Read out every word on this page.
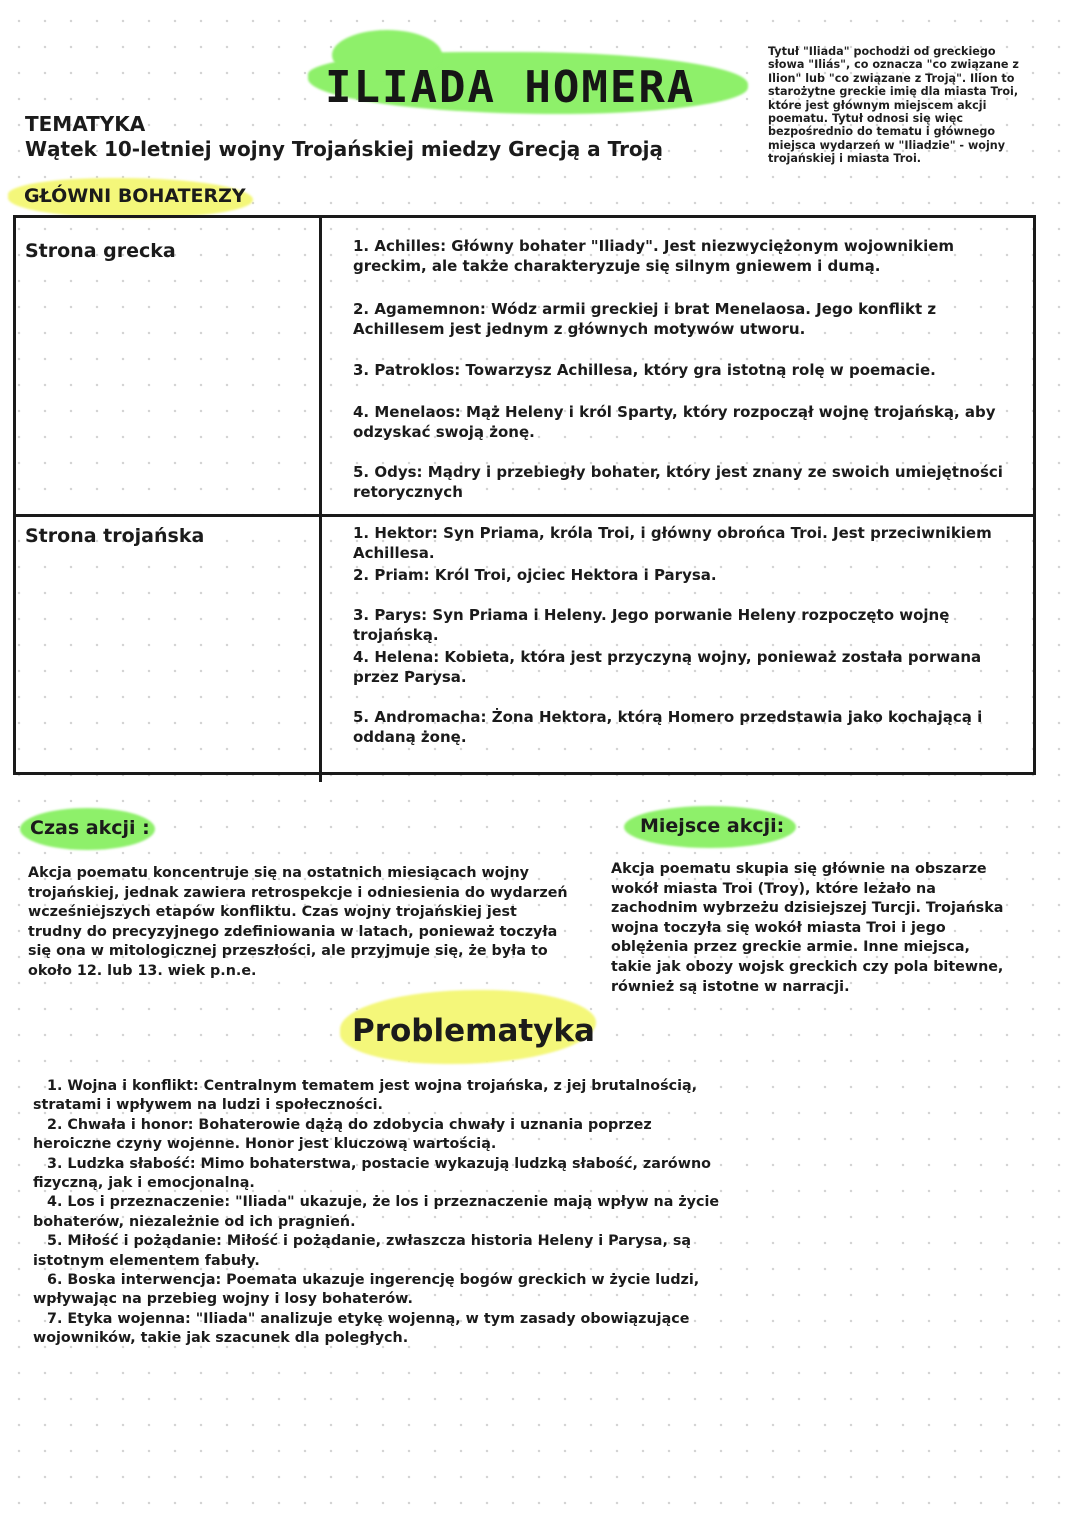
ILIADA HOMERA

Tytuł "Iliada" pochodzi od greckiego słowa "Iliás", co oznacza "co związane z Ilion" lub "co związane z Troją". Ilion to starożytne greckie imię dla miasta Troi, które jest głównym miejscem akcji poematu. Tytuł odnosi się więc bezpośrednio do tematu i głównego miejsca wydarzeń w "Iliadzie" - wojny trojańskiej i miasta Troi.

TEMATYKA

Wątek 10-letniej wojny Trojańskiej miedzy Grecją a Troją

GŁÓWNI BOHATERZY

Strona grecka

Strona trojańska

1. Achilles: Główny bohater "Iliady". Jest niezwyciężonym wojownikiem greckim, ale także charakteryzuje się silnym gniewem i dumą.
2. Agamemnon: Wódz armii greckiej i brat Menelaosa. Jego konflikt z Achillesem jest jednym z głównych motywów utworu.
3. Patroklos: Towarzysz Achillesa, który gra istotną rolę w poemacie.
4. Menelaos: Mąż Heleny i król Sparty, który rozpoczął wojnę trojańską, aby odzyskać swoją żonę.
5. Odys: Mądry i przebiegły bohater, który jest znany ze swoich umiejętności retorycznych
1. Hektor: Syn Priama, króla Troi, i główny obrońca Troi. Jest przeciwnikiem Achillesa.
2. Priam: Król Troi, ojciec Hektora i Parysa.
3. Parys: Syn Priama i Heleny. Jego porwanie Heleny rozpoczęto wojnę trojańską.
4. Helena: Kobieta, która jest przyczyną wojny, ponieważ została porwana przez Parysa.
5. Andromacha: Żona Hektora, którą Homero przedstawia jako kochającą i oddaną żonę.
Czas akcji :

Akcja poematu koncentruje się na ostatnich miesiącach wojny trojańskiej, jednak zawiera retrospekcje i odniesienia do wydarzeń wcześniejszych etapów konfliktu. Czas wojny trojańskiej jest trudny do precyzyjnego zdefiniowania w latach, ponieważ toczyła się ona w mitologicznej przeszłości, ale przyjmuje się, że była to około 12. lub 13. wiek p.n.e.

Miejsce akcji:

Akcja poematu skupia się głównie na obszarze wokół miasta Troi (Troy), które leżało na zachodnim wybrzeżu dzisiejszej Turcji. Trojańska wojna toczyła się wokół miasta Troi i jego oblężenia przez greckie armie. Inne miejsca, takie jak obozy wojsk greckich czy pola bitewne, również są istotne w narracji.

Problematyka
1. Wojna i konflikt: Centralnym tematem jest wojna trojańska, z jej brutalnością, stratami i wpływem na ludzi i społeczności.
2. Chwała i honor: Bohaterowie dążą do zdobycia chwały i uznania poprzez heroiczne czyny wojenne. Honor jest kluczową wartością.
3. Ludzka słabość: Mimo bohaterstwa, postacie wykazują ludzką słabość, zarówno fizyczną, jak i emocjonalną.
4. Los i przeznaczenie: "Iliada" ukazuje, że los i przeznaczenie mają wpływ na życie bohaterów, niezależnie od ich pragnień.
5. Miłość i pożądanie: Miłość i pożądanie, zwłaszcza historia Heleny i Parysa, są istotnym elementem fabuły.
6. Boska interwencja: Poemata ukazuje ingerencję bogów greckich w życie ludzi, wpływając na przebieg wojny i losy bohaterów.
7. Etyka wojenna: "Iliada" analizuje etykę wojenną, w tym zasady obowiązujące wojowników, takie jak szacunek dla poległych.
